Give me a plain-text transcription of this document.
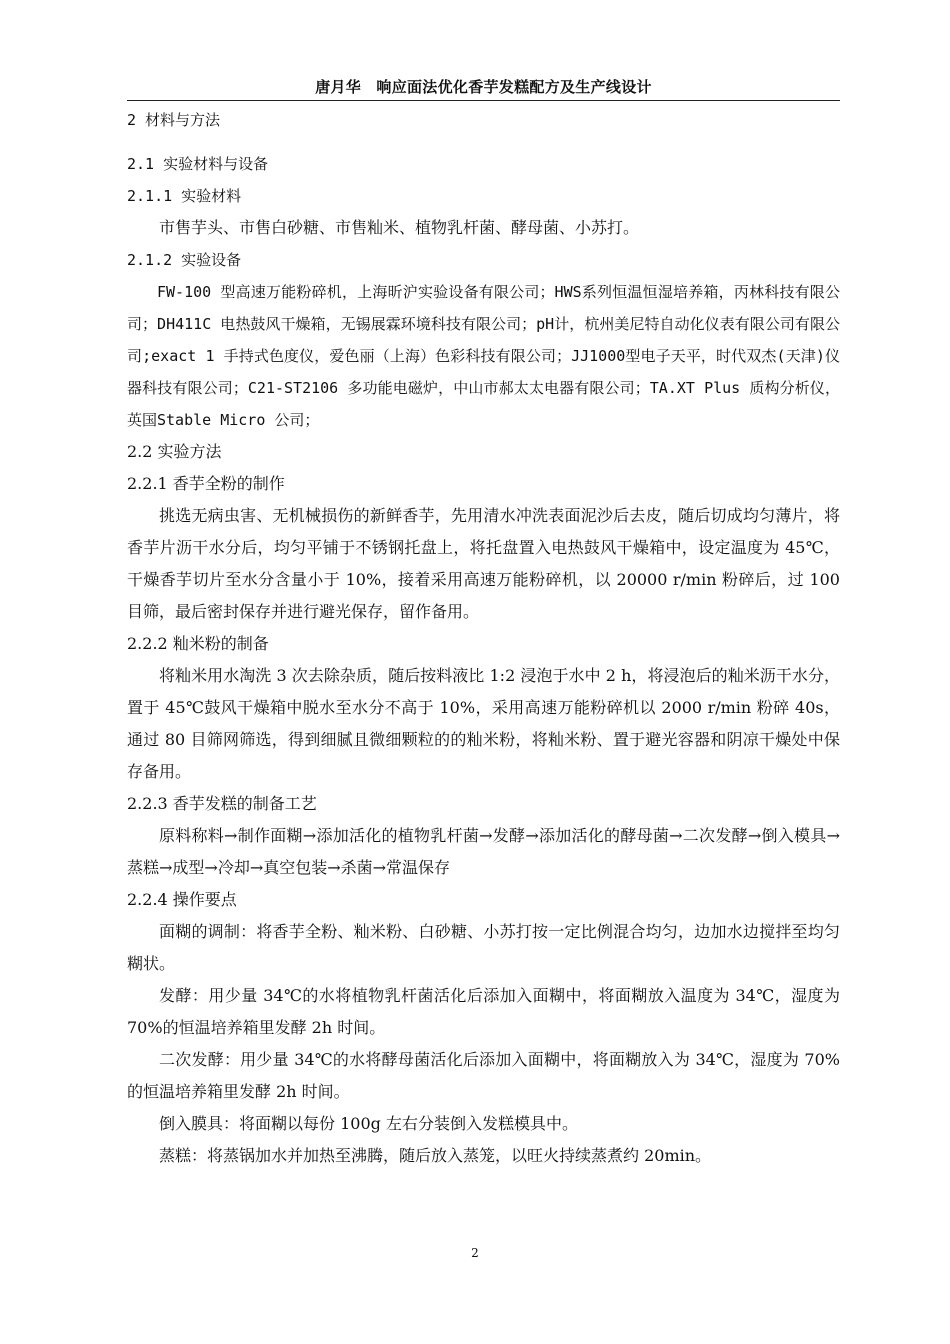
唐月华　响应面法优化香芋发糕配方及生产线设计
2 材料与方法
2.1 实验材料与设备
2.1.1 实验材料
市售芋头、市售白砂糖、市售籼米、植物乳杆菌、酵母菌、小苏打。
2.1.2 实验设备
FW-100 型高速万能粉碎机，上海昕沪实验设备有限公司；HWS系列恒温恒湿培养箱，丙林科技有限公司；DH411C 电热鼓风干燥箱，无锡展霖环境科技有限公司；pH计，杭州美尼特自动化仪表有限公司有限公司;exact 1 手持式色度仪，爱色丽（上海）色彩科技有限公司；JJ1000型电子天平，时代双杰(天津)仪器科技有限公司；C21-ST2106 多功能电磁炉，中山市郝太太电器有限公司；TA.XT Plus 质构分析仪，英国Stable Micro 公司；
2.2 实验方法
2.2.1 香芋全粉的制作
挑选无病虫害、无机械损伤的新鲜香芋，先用清水冲洗表面泥沙后去皮，随后切成均匀薄片，将香芋片沥干水分后，均匀平铺于不锈钢托盘上，将托盘置入电热鼓风干燥箱中，设定温度为 45℃，干燥香芋切片至水分含量小于 10%，接着采用高速万能粉碎机，以 20000 r/min 粉碎后，过 100 目筛，最后密封保存并进行避光保存，留作备用。
2.2.2 籼米粉的制备
将籼米用水淘洗 3 次去除杂质，随后按料液比 1:2 浸泡于水中 2 h，将浸泡后的籼米沥干水分，置于 45℃鼓风干燥箱中脱水至水分不高于 10%，采用高速万能粉碎机以 2000 r/min 粉碎 40s，通过 80 目筛网筛选，得到细腻且微细颗粒的的籼米粉，将籼米粉、置于避光容器和阴凉干燥处中保存备用。
2.2.3 香芋发糕的制备工艺
原料称料→制作面糊→添加活化的植物乳杆菌→发酵→添加活化的酵母菌→二次发酵→倒入模具→蒸糕→成型→冷却→真空包装→杀菌→常温保存
2.2.4 操作要点
面糊的调制：将香芋全粉、籼米粉、白砂糖、小苏打按一定比例混合均匀，边加水边搅拌至均匀糊状。
发酵：用少量 34℃的水将植物乳杆菌活化后添加入面糊中，将面糊放入温度为 34℃，湿度为 70%的恒温培养箱里发酵 2h 时间。
二次发酵：用少量 34℃的水将酵母菌活化后添加入面糊中，将面糊放入为 34℃，湿度为 70%的恒温培养箱里发酵 2h 时间。
倒入膜具：将面糊以每份 100g 左右分装倒入发糕模具中。
蒸糕：将蒸锅加水并加热至沸腾，随后放入蒸笼，以旺火持续蒸煮约 20min。
2
